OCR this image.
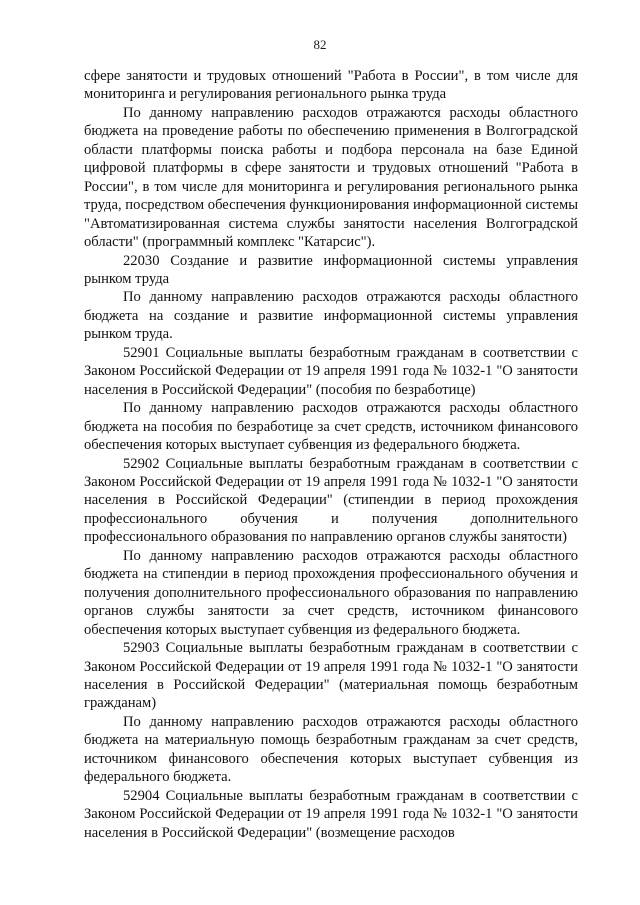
82

сфере занятости и трудовых отношений "Работа в России", в том числе для мониторинга и регулирования регионального рынка труда

По данному направлению расходов отражаются расходы областного бюджета на проведение работы по обеспечению применения в Волгоградской области платформы поиска работы и подбора персонала на базе Единой цифровой платформы в сфере занятости и трудовых отношений "Работа в России", в том числе для мониторинга и регулирования регионального рынка труда, посредством обеспечения функционирования информационной системы "Автоматизированная система службы занятости населения Волгоградской области" (программный комплекс "Катарсис").

22030 Создание и развитие информационной системы управления рынком труда

По данному направлению расходов отражаются расходы областного бюджета на создание и развитие информационной системы управления рынком труда.

52901 Социальные выплаты безработным гражданам в соответствии с Законом Российской Федерации от 19 апреля 1991 года № 1032-1 "О занятости населения в Российской Федерации" (пособия по безработице)

По данному направлению расходов отражаются расходы областного бюджета на пособия по безработице за счет средств, источником финансового обеспечения которых выступает субвенция из федерального бюджета.

52902 Социальные выплаты безработным гражданам в соответствии с Законом Российской Федерации от 19 апреля 1991 года № 1032-1 "О занятости населения в Российской Федерации" (стипендии в период прохождения профессионального обучения и получения дополнительного профессионального образования по направлению органов службы занятости)

По данному направлению расходов отражаются расходы областного бюджета на стипендии в период прохождения профессионального обучения и получения дополнительного профессионального образования по направлению органов службы занятости за счет средств, источником финансового обеспечения которых выступает субвенция из федерального бюджета.

52903 Социальные выплаты безработным гражданам в соответствии с Законом Российской Федерации от 19 апреля 1991 года № 1032-1 "О занятости населения в Российской Федерации" (материальная помощь безработным гражданам)

По данному направлению расходов отражаются расходы областного бюджета на материальную помощь безработным гражданам за счет средств, источником финансового обеспечения которых выступает субвенция из федерального бюджета.

52904 Социальные выплаты безработным гражданам в соответствии с Законом Российской Федерации от 19 апреля 1991 года № 1032-1 "О занятости населения в Российской Федерации" (возмещение расходов
